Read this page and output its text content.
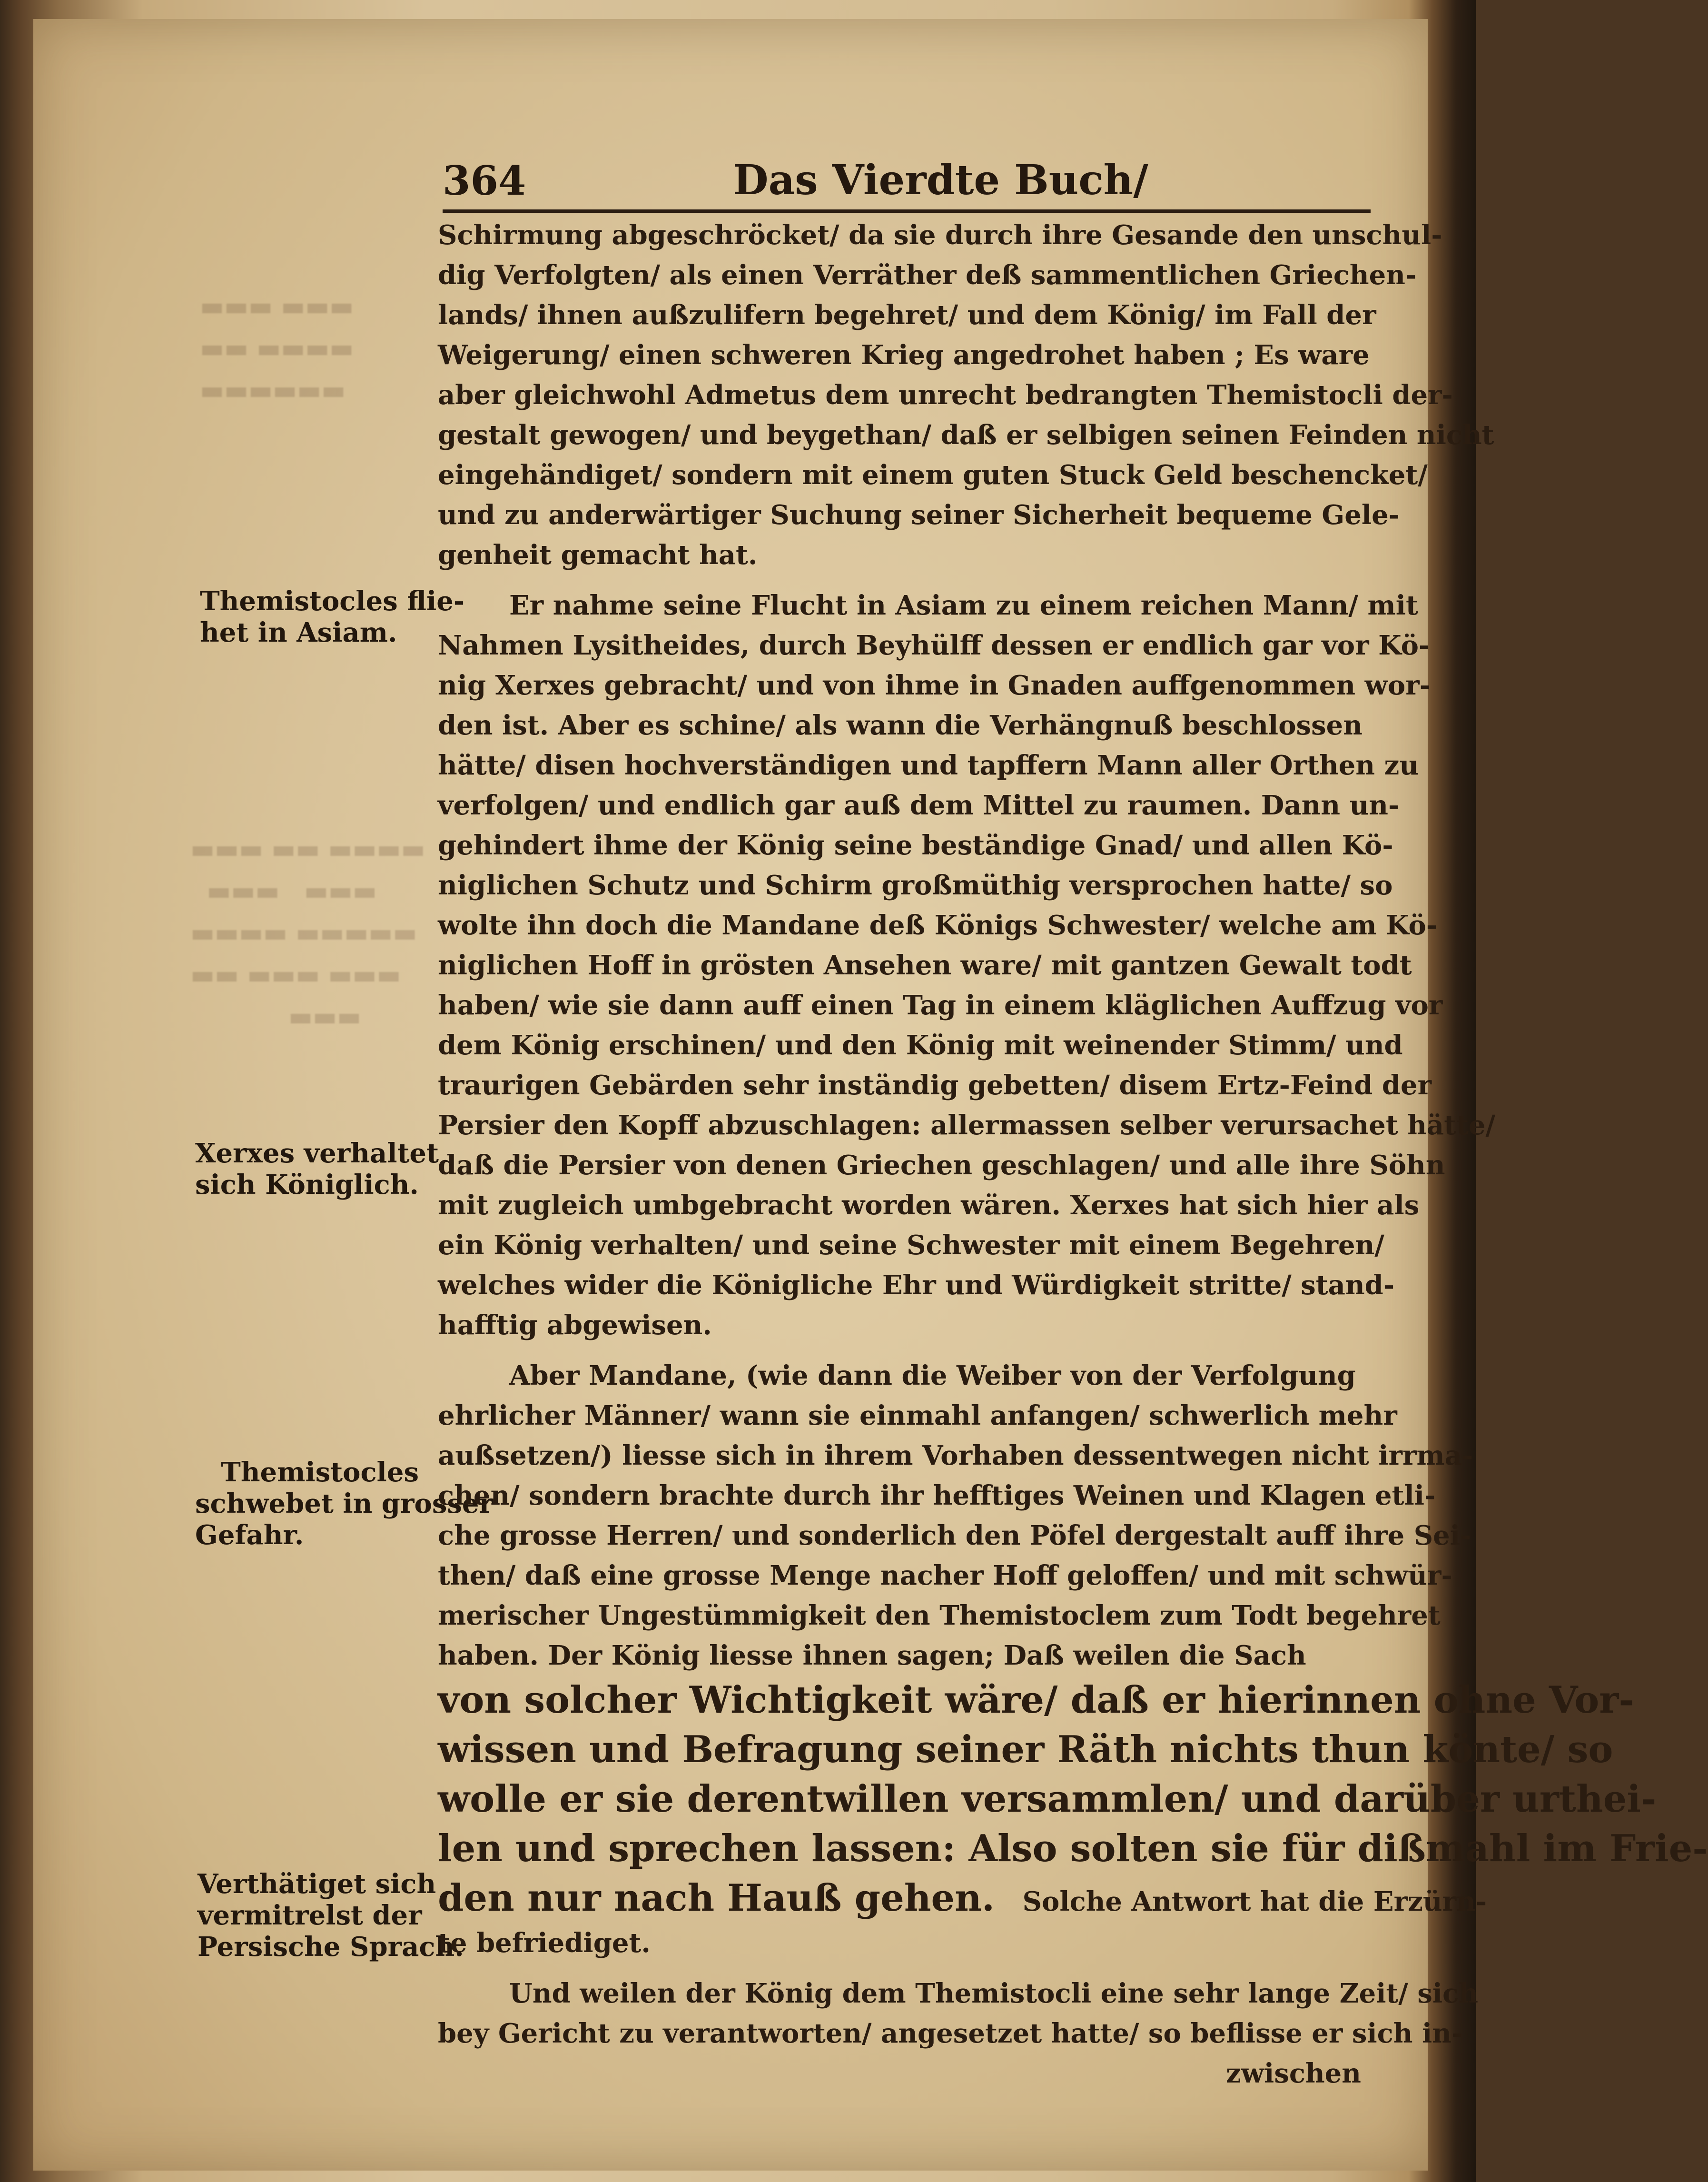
▬▬▬ ▬▬▬
▬▬ ▬▬▬▬
▬▬▬▬▬▬
▬▬▬ ▬▬ ▬▬▬▬
▬▬▬   ▬▬▬
▬▬▬▬ ▬▬▬▬▬
▬▬ ▬▬▬ ▬▬▬
▬▬▬
364	Das Vierdte Buch/
Themistocles flie-
het in Asiam.
Xerxes verhaltet
sich Königlich.
Themistocles
schwebet in grosser
Gefahr.
Verthätiget sich
vermitrelst der
Persische Sprach.
Schirmung abgeschröcket/ da sie durch ihre Gesande den unschul-
dig Verfolgten/ als einen Verräther deß sammentlichen Griechen-
lands/ ihnen außzulifern begehret/ und dem König/ im Fall der
Weigerung/ einen schweren Krieg angedrohet haben ; Es ware
aber gleichwohl Admetus dem unrecht bedrangten Themistocli der-
gestalt gewogen/ und beygethan/ daß er selbigen seinen Feinden nicht
eingehändiget/ sondern mit einem guten Stuck Geld beschencket/
und zu anderwärtiger Suchung seiner Sicherheit bequeme Gele-
genheit gemacht hat.
Er nahme seine Flucht in Asiam zu einem reichen Mann/ mit
Nahmen Lysitheides, durch Beyhülff dessen er endlich gar vor Kö-
nig Xerxes gebracht/ und von ihme in Gnaden auffgenommen wor-
den ist. Aber es schine/ als wann die Verhängnuß beschlossen
hätte/ disen hochverständigen und tapffern Mann aller Orthen zu
verfolgen/ und endlich gar auß dem Mittel zu raumen. Dann un-
gehindert ihme der König seine beständige Gnad/ und allen Kö-
niglichen Schutz und Schirm großmüthig versprochen hatte/ so
wolte ihn doch die Mandane deß Königs Schwester/ welche am Kö-
niglichen Hoff in grösten Ansehen ware/ mit gantzen Gewalt todt
haben/ wie sie dann auff einen Tag in einem kläglichen Auffzug vor
dem König erschinen/ und den König mit weinender Stimm/ und
traurigen Gebärden sehr inständig gebetten/ disem Ertz-Feind der
Persier den Kopff abzuschlagen: allermassen selber verursachet hätte/
daß die Persier von denen Griechen geschlagen/ und alle ihre Söhn
mit zugleich umbgebracht worden wären. Xerxes hat sich hier als
ein König verhalten/ und seine Schwester mit einem Begehren/
welches wider die Königliche Ehr und Würdigkeit stritte/ stand-
hafftig abgewisen.
Aber Mandane, (wie dann die Weiber von der Verfolgung
ehrlicher Männer/ wann sie einmahl anfangen/ schwerlich mehr
außsetzen/) liesse sich in ihrem Vorhaben dessentwegen nicht irrma-
chen/ sondern brachte durch ihr hefftiges Weinen und Klagen etli-
che grosse Herren/ und sonderlich den Pöfel dergestalt auff ihre Sei-
then/ daß eine grosse Menge nacher Hoff geloffen/ und mit schwür-
merischer Ungestümmigkeit den Themistoclem zum Todt begehret
haben. Der König liesse ihnen sagen; Daß weilen die Sach
von solcher Wichtigkeit wäre/ daß er hierinnen ohne Vor-
wissen und Befragung seiner Räth nichts thun könte/ so
wolle er sie derentwillen versammlen/ und darüber urthei-
len und sprechen lassen: Also solten sie für dißmahl im Frie-
den nur nach Hauß gehen. Solche Antwort hat die Erzürn-
te befriediget.
Und weilen der König dem Themistocli eine sehr lange Zeit/ sich
bey Gericht zu verantworten/ angesetzet hatte/ so beflisse er sich in-
zwischen
